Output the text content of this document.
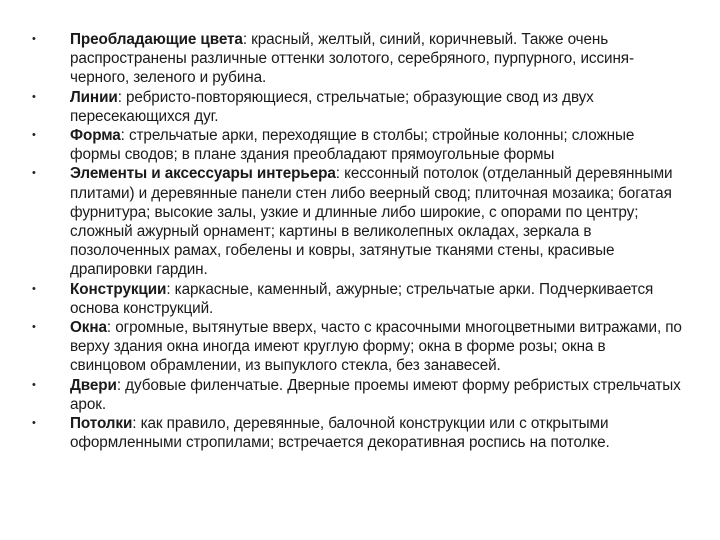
•	Преобладающие цвета: красный, желтый, синий, коричневый. Также очень распространены различные оттенки золотого, серебряного, пурпурного, иссиня-черного, зеленого и рубина.
•	Линии: ребристо-повторяющиеся, стрельчатые; образующие свод из двух пересекающихся дуг.
•	Форма: стрельчатые арки, переходящие в столбы; стройные колонны; сложные формы сводов; в плане здания преобладают прямоугольные формы
•	Элементы и аксессуары интерьера: кессонный потолок (отделанный деревянными плитами) и деревянные панели стен либо веерный свод; плиточная мозаика; богатая фурнитура; высокие залы, узкие и длинные либо широкие, с опорами по центру; сложный ажурный орнамент; картины в великолепных окладах, зеркала в позолоченных рамах, гобелены и ковры, затянутые тканями стены, красивые драпировки гардин.
•	Конструкции: каркасные, каменный, ажурные; стрельчатые арки. Подчеркивается основа конструкций.
•	Окна: огромные, вытянутые вверх, часто с красочными многоцветными витражами, по верху здания окна иногда имеют круглую форму; окна в форме розы; окна в свинцовом обрамлении, из выпуклого стекла, без занавесей.
•	Двери: дубовые филенчатые. Дверные проемы имеют форму ребристых стрельчатых арок.
•	Потолки: как правило, деревянные, балочной конструкции или с открытыми оформленными стропилами; встречается декоративная роспись на потолке.
